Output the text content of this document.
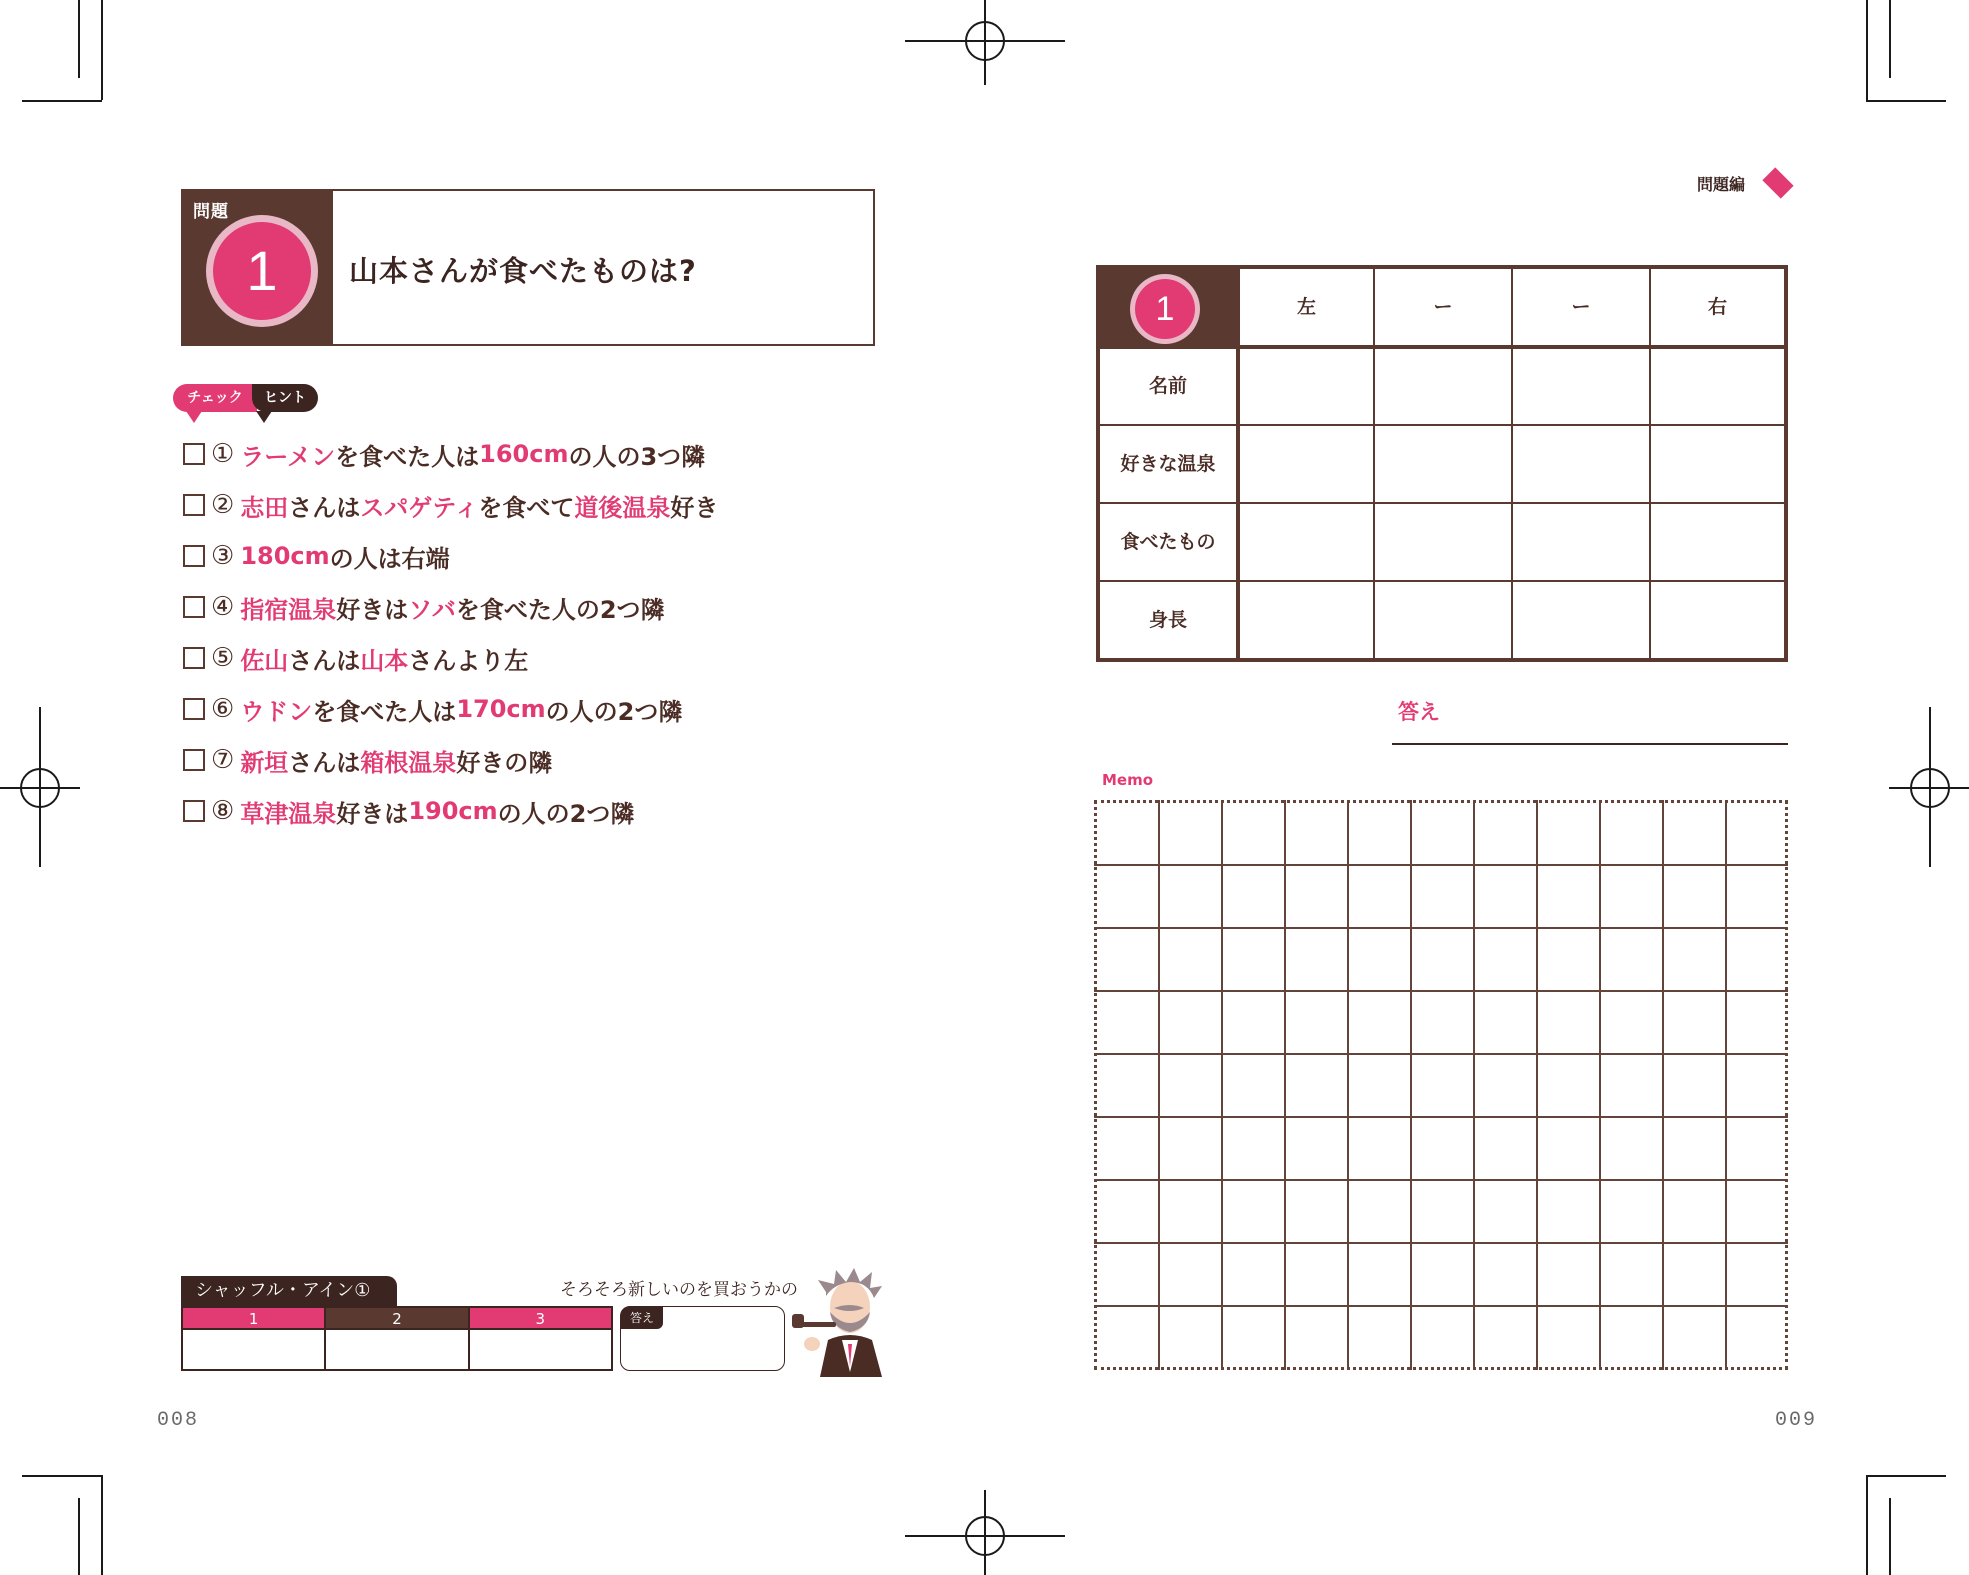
問題
1	山本さんが食べたものは?
チェック	ヒント
① ラーメン を食べた人は 160cm の人の3つ隣
② 志田 さんは スパゲティ を食べて 道後温泉 好き
③ 180cm の人は右端
④ 指宿温泉 好きは ソバ を食べた人の2つ隣
⑤ 佐山 さんは 山本 さんより左
⑥ ウドン を食べた人は 170cm の人の2つ隣
⑦ 新垣 さんは 箱根温泉 好きの隣
⑧ 草津温泉 好きは 190cm の人の2つ隣
シャッフル・アイン①
1	2	3	答え
そろそろ新しいのを買おうかの
008
問題編
1	左	ー	ー	右
名前
好きな温泉
食べたもの
身長
答え
Memo
009
